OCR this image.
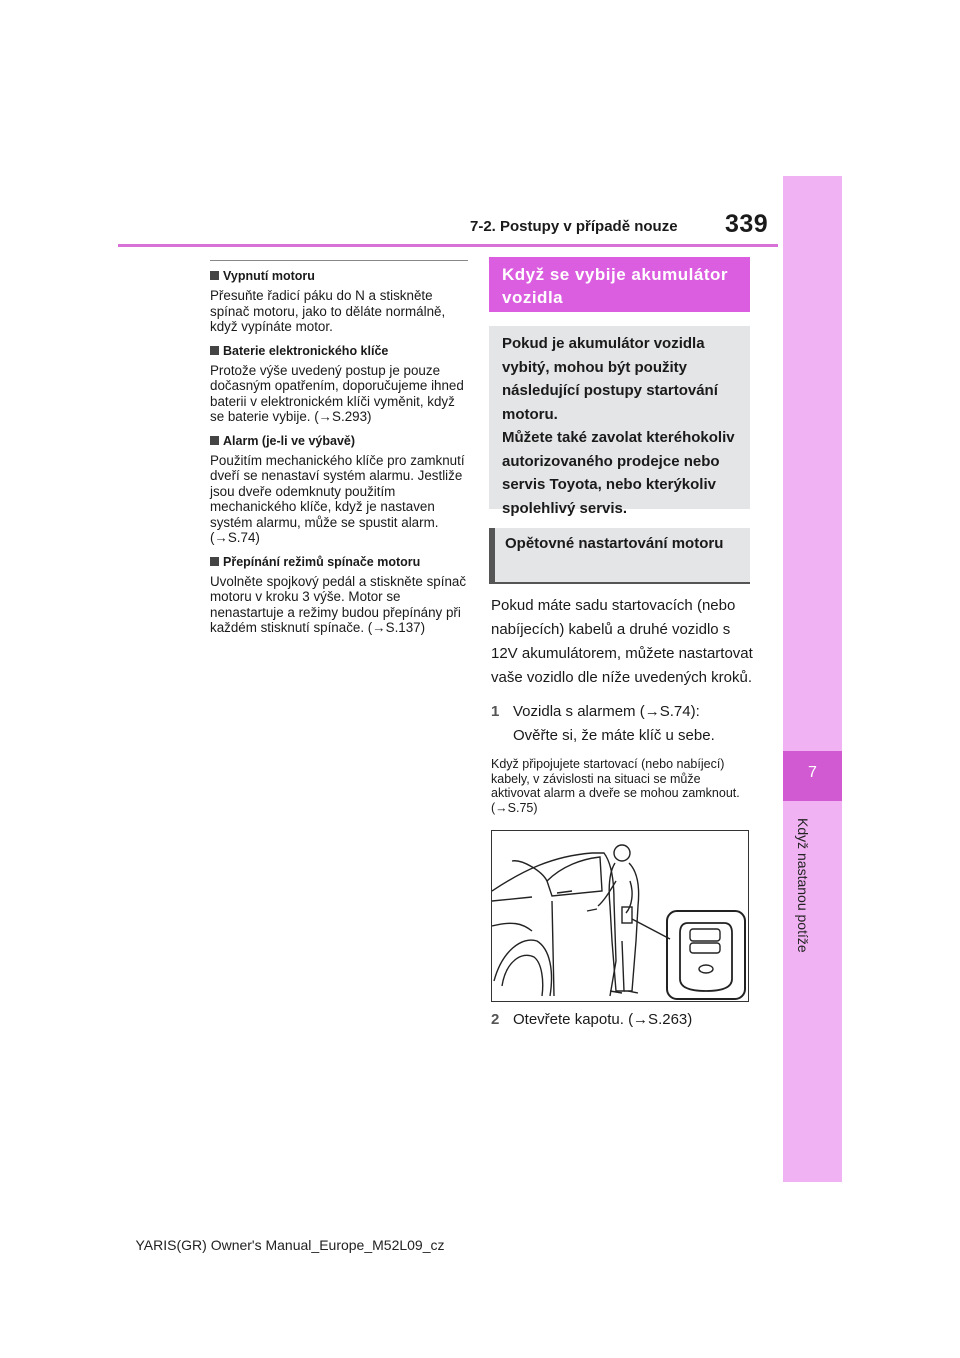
7-2. Postupy v případě nouze 339
7
Když nastanou potíže

Vypnutí motoru

Přesuňte řadicí páku do N a stiskněte spínač motoru, jako to děláte normálně, když vypínáte motor.

Baterie elektronického klíče

Protože výše uvedený postup je pouze dočasným opatřením, doporučujeme ihned baterii v elektronickém klíči vyměnit, když se baterie vybije. (→S.293)

Alarm (je-li ve výbavě)

Použitím mechanického klíče pro zamknutí dveří se nenastaví systém alarmu. Jestliže jsou dveře odemknuty použitím mechanického klíče, když je nastaven systém alarmu, může se spustit alarm. (→S.74)

Přepínání režimů spínače motoru

Uvolněte spojkový pedál a stiskněte spínač motoru v kroku 3 výše. Motor se nenastartuje a režimy budou přepínány při každém stisknutí spínače. (→S.137)

Když se vybije akumulátor vozidla

Pokud je akumulátor vozidla vybitý, mohou být použity následující postupy startování motoru.

Můžete také zavolat kteréhokoliv autorizovaného prodejce nebo servis Toyota, nebo kterýkoliv spolehlivý servis.

Opětovné nastartování motoru
Pokud máte sadu startovacích (nebo nabíjecích) kabelů a druhé vozidlo s 12V akumulátorem, můžete nastartovat vaše vozidlo dle níže uvedených kroků.
1 Vozidla s alarmem (→S.74):
Ověřte si, že máte klíč u sebe.
Když připojujete startovací (nebo nabíjecí) kabely, v závislosti na situaci se může aktivovat alarm a dveře se mohou zamknout. (→S.75)
2 Otevřete kapotu. (→S.263)
YARIS(GR) Owner's Manual_Europe_M52L09_cz
